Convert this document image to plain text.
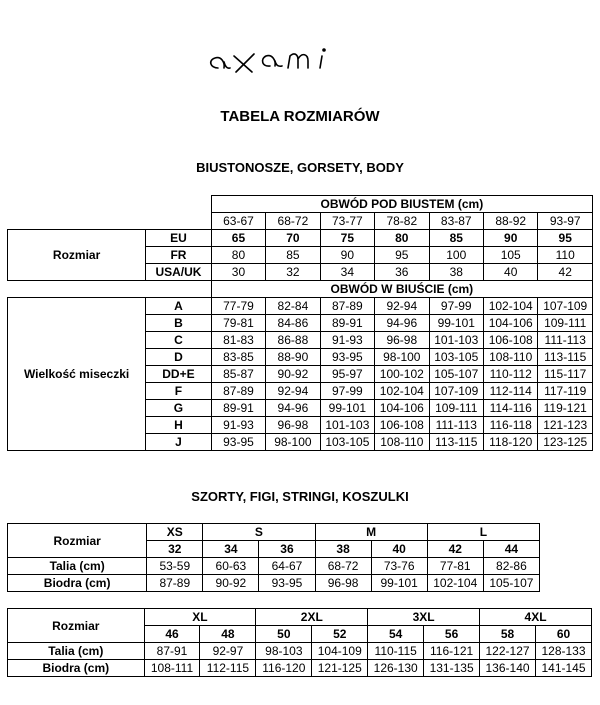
TABELA ROZMIARÓW
BIUSTONOSZE, GORSETY, BODY
		OBWÓD POD BIUSTEM (cm)						
		63-67	68-72	73-77	78-82	83-87	88-92	93-97
Rozmiar	EU	65	70	75	80	85	90	95
	FR	80	85	90	95	100	105	110
	USA/UK	30	32	34	36	38	40	42
		OBWÓD W BIUŚCIE (cm)						
Wielkość miseczki	A	77-79	82-84	87-89	92-94	97-99	102-104	107-109
	B	79-81	84-86	89-91	94-96	99-101	104-106	109-111
	C	81-83	86-88	91-93	96-98	101-103	106-108	111-113
	D	83-85	88-90	93-95	98-100	103-105	108-110	113-115
	DD+E	85-87	90-92	95-97	100-102	105-107	110-112	115-117
	F	87-89	92-94	97-99	102-104	107-109	112-114	117-119
	G	89-91	94-96	99-101	104-106	109-111	114-116	119-121
	H	91-93	96-98	101-103	106-108	111-113	116-118	121-123
	J	93-95	98-100	103-105	108-110	113-115	118-120	123-125
SZORTY, FIGI, STRINGI, KOSZULKI
Rozmiar	XS	S		M		L	
	32	34	36	38	40	42	44
Talia (cm)	53-59	60-63	64-67	68-72	73-76	77-81	82-86
Biodra (cm)	87-89	90-92	93-95	96-98	99-101	102-104	105-107
Rozmiar	XL		2XL		3XL		4XL	
	46	48	50	52	54	56	58	60
Talia (cm)	87-91	92-97	98-103	104-109	110-115	116-121	122-127	128-133
Biodra (cm)	108-111	112-115	116-120	121-125	126-130	131-135	136-140	141-145
